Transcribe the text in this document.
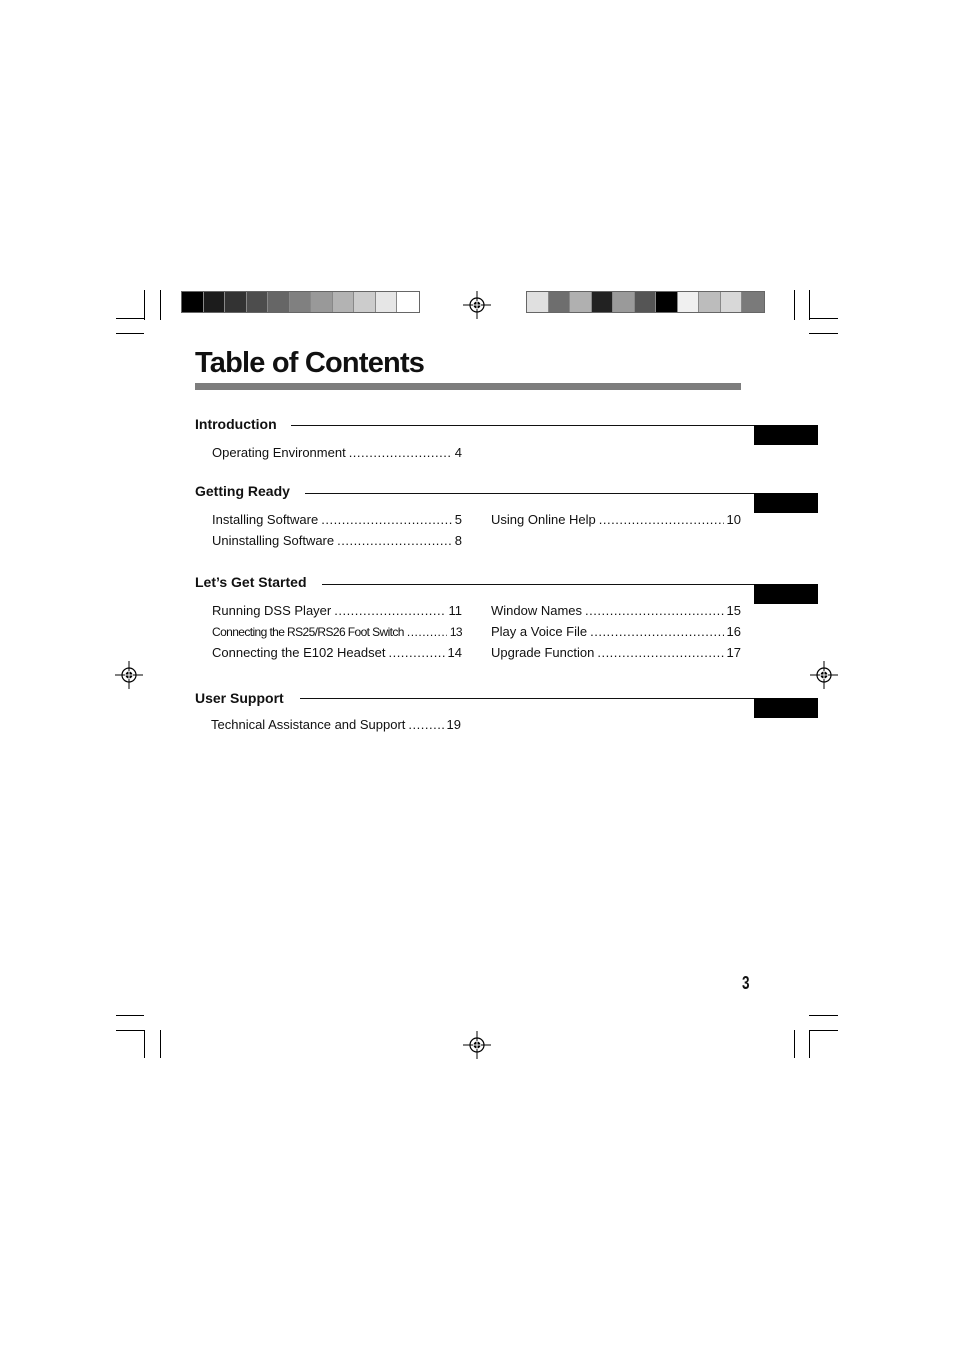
Table of Contents
Introduction
Operating Environment .....	4
Getting Ready
Installing Software .....	5
Uninstalling Software .....	8
Using Online Help .....	10
Let’s Get Started
Running DSS Player .....	11
Connecting the RS25/RS26 Foot Switch .....	13
Connecting the E102 Headset .....	14
Window Names .....	15
Play a Voice File .....	16
Upgrade Function .....	17
User Support
Technical Assistance and Support .....	19
3
